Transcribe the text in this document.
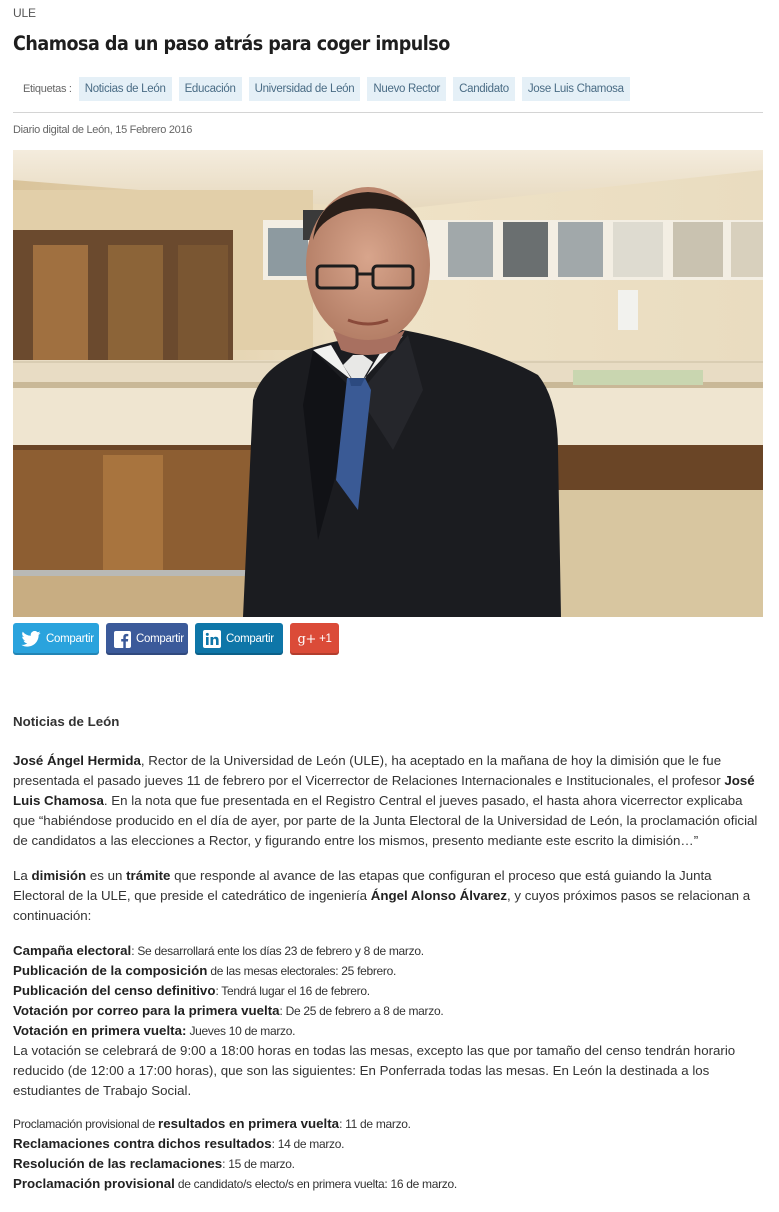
ULE
Chamosa da un paso atrás para coger impulso
Etiquetas :	Noticias de León	Educación	Universidad de León	Nuevo Rector	Candidato	Jose Luis Chamosa
Diario digital de León, 15 Febrero 2016
Compartir	Compartir	Compartir g+ +1

Noticias de León

José Ángel Hermida, Rector de la Universidad de León (ULE), ha aceptado en la mañana de hoy la dimisión que le fue presentada el pasado jueves 11 de febrero por el Vicerrector de Relaciones Internacionales e Institucionales, el profesor José Luis Chamosa. En la nota que fue presentada en el Registro Central el jueves pasado, el hasta ahora vicerrector explicaba que “habiéndose producido en el día de ayer, por parte de la Junta Electoral de la Universidad de León, la proclamación oficial de candidatos a las elecciones a Rector, y figurando entre los mismos, presento mediante este escrito la dimisión…”

La dimisión es un trámite que responde al avance de las etapas que configuran el proceso que está guiando la Junta Electoral de la ULE, que preside el catedrático de ingeniería Ángel Alonso Álvarez, y cuyos próximos pasos se relacionan a continuación:

Campaña electoral: Se desarrollará ente los días 23 de febrero y 8 de marzo.

Publicación de la composición de las mesas electorales: 25 febrero.

Publicación del censo definitivo: Tendrá lugar el 16 de febrero.

Votación por correo para la primera vuelta: De 25 de febrero a 8 de marzo.

Votación en primera vuelta: Jueves 10 de marzo.

La votación se celebrará de 9:00 a 18:00 horas en todas las mesas, excepto las que por tamaño del censo tendrán horario reducido (de 12:00 a 17:00 horas), que son las siguientes: En Ponferrada todas las mesas. En León la destinada a los estudiantes de Trabajo Social.

Proclamación provisional de resultados en primera vuelta: 11 de marzo.

Reclamaciones contra dichos resultados: 14 de marzo.

Resolución de las reclamaciones: 15 de marzo.

Proclamación provisional de candidato/s electo/s en primera vuelta: 16 de marzo.
